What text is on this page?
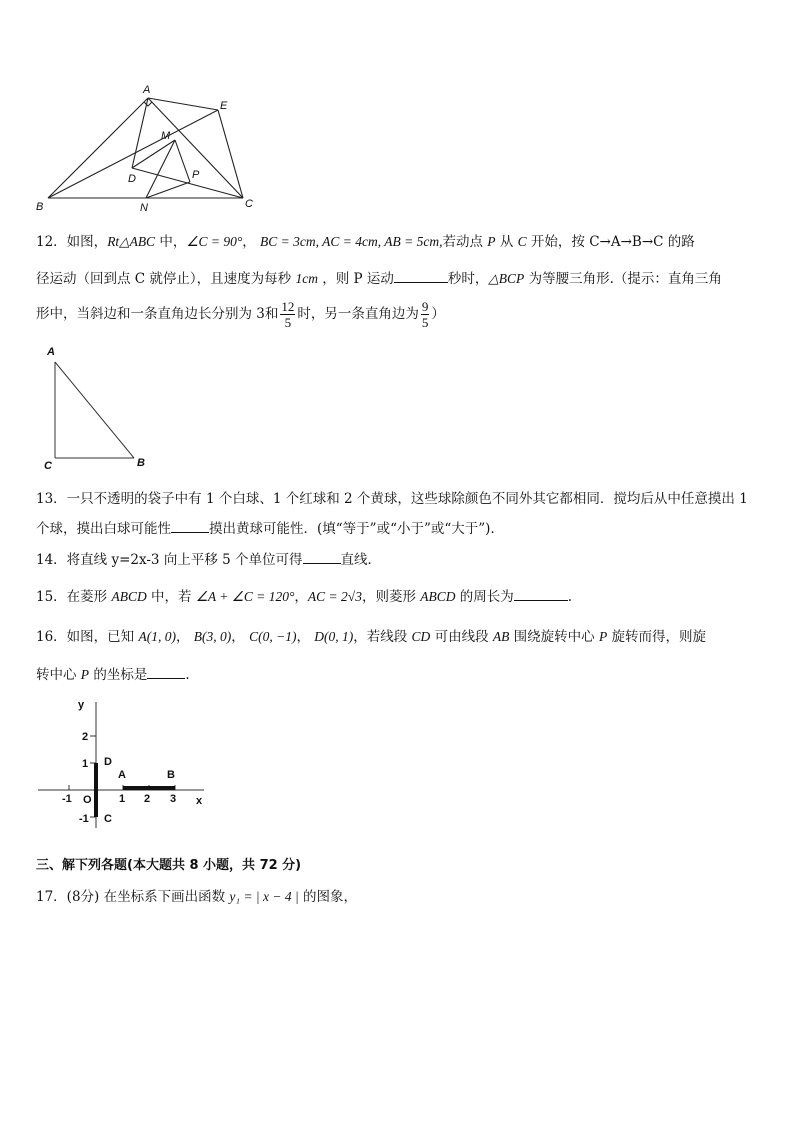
A
E
M
D	P
B	N	C
12．如图，Rt△ABC 中，∠C = 90°， BC = 3cm, AC = 4cm, AB = 5cm,若动点 P 从 C 开始，按 C→A→B→C 的路
径运动（回到点 C 就停止），且速度为每秒 1cm ，则 P 运动	秒时，△BCP 为等腰三角形.（提示：直角三角
形中，当斜边和一条直角边长分别为 3和 $\frac{12}{5}$ 时，另一条直角边为 $\frac{9}{5}$ ）
A
C	B
13．一只不透明的袋子中有 1 个白球、1 个红球和 2 个黄球，这些球除颜色不同外其它都相同．搅均后从中任意摸出 1
个球，摸出白球可能性	摸出黄球可能性．(填“等于”或“小于”或“大于”)．
14．将直线 y=2x-3 向上平移 5 个单位可得	直线．
15．在菱形 ABCD 中，若 ∠A + ∠C = 120°，AC = 2√3，则菱形 ABCD 的周长为	.
16．如图，已知 A(1, 0)， B(3, 0)， C(0, −1)， D(0, 1)，若线段 CD 可由线段 AB 围绕旋转中心 P 旋转而得，则旋
转中心 P 的坐标是	.
y
x
2
1
-1
-1 O 1 2 3
D
A	B
C
三、解下列各题(本大题共 8 小题，共 72 分)
17．(8分) 在坐标系下画出函数 y₁ = | x − 4 | 的图象，
